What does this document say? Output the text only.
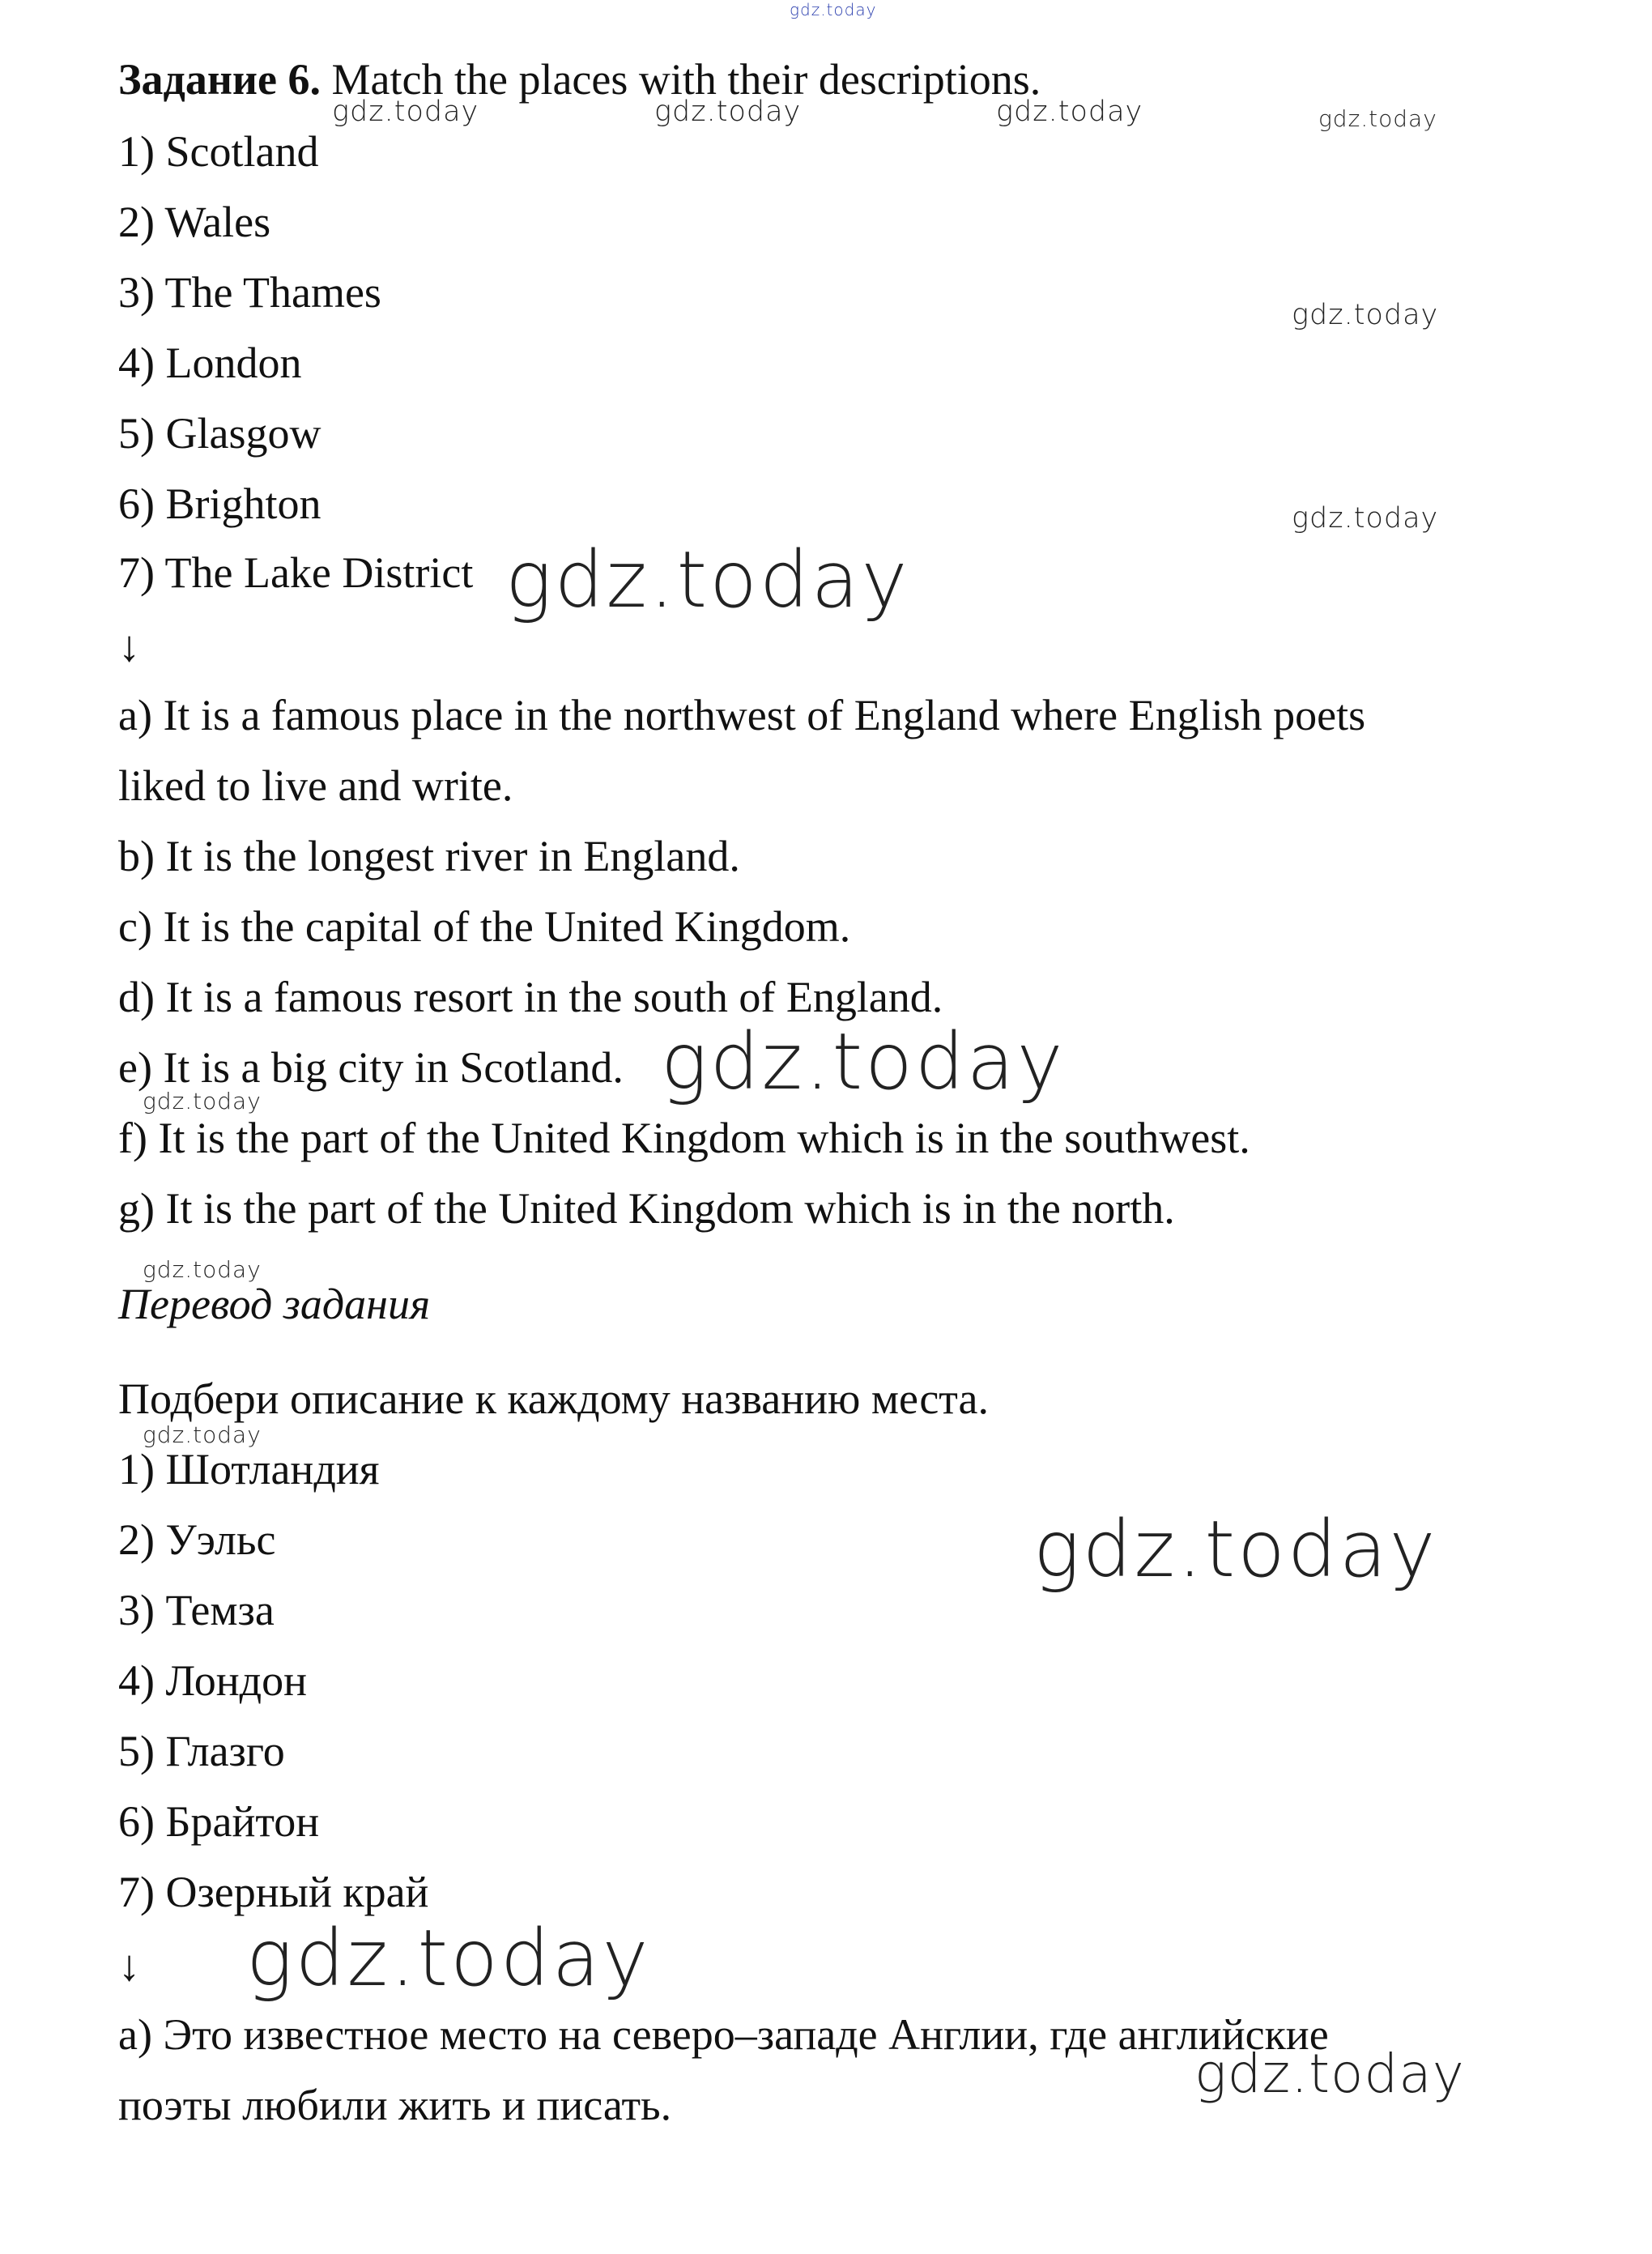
gdz.today
Задание 6. Match the places with their descriptions.
1) Scotland
2) Wales
3) The Thames
4) London
5) Glasgow
6) Brighton
7) The Lake District
↓
a) It is a famous place in the northwest of England where English poets
liked to live and write.
b) It is the longest river in England.
c) It is the capital of the United Kingdom.
d) It is a famous resort in the south of England.
e) It is a big city in Scotland.
f) It is the part of the United Kingdom which is in the southwest.
g) It is the part of the United Kingdom which is in the north.
Перевод задания
Подбери описание к каждому названию места.
1) Шотландия
2) Уэльс
3) Темза
4) Лондон
5) Глазго
6) Брайтон
7) Озерный край
↓
а) Это известное место на северо–западе Англии, где английские
поэты любили жить и писать.
gdz.today	gdz.today	gdz.today	gdz.today
gdz.today
gdz.today
gdz.today
gdz.today
gdz.today
gdz.today
gdz.today
gdz.today
gdz.today
gdz.today
